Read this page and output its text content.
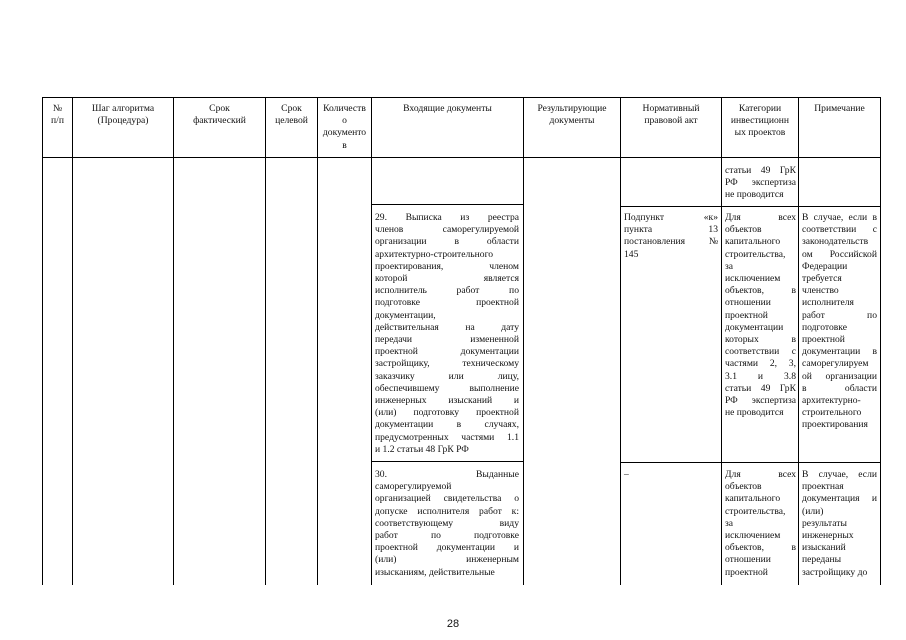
№
п/п
Шаг алгоритма
(Процедура)
Срок
фактический
Срок
целевой
Количеств
о
документо
в
Входящие документы	Результирующие
документы
Нормативный
правовой акт
Категории
инвестиционн
ых проектов
Примечание
статьи 49 ГрК
РФ экспертиза
не проводится
29. Выписка из реестра
членов саморегулируемой
организации в области
архитектурно-строительного
проектирования, членом
которой является
исполнитель работ по
подготовке проектной
документации,
действительная на дату
передачи измененной
проектной документации
застройщику, техническому
заказчику или лицу,
обеспечившему выполнение
инженерных изысканий и
(или) подготовку проектной
документации в случаях,
предусмотренных частями 1.1
и 1.2 статьи 48 ГрК РФ
Подпункт «к»
пункта 13
постановления №
145
Для всех
объектов
капитального
строительства,
за
исключением
объектов, в
отношении
проектной
документации
которых в
соответствии с
частями 2, 3,
3.1 и 3.8
статьи 49 ГрК
РФ экспертиза
не проводится
В случае, если в
соответствии с
законодательств
ом Российской
Федерации
требуется
членство
исполнителя
работ по
подготовке
проектной
документации в
саморегулируем
ой организации
в области
архитектурно-
строительного
проектирования
30. Выданные
саморегулируемой
организацией свидетельства о
допуске исполнителя работ к:
соответствующему виду
работ по подготовке
проектной документации и
(или) инженерным
изысканиям, действительные
–	Для всех
объектов
капитального
строительства,
за
исключением
объектов, в
отношении
проектной
В случае, если
проектная
документация и
(или)
результаты
инженерных
изысканий
переданы
застройщику до
28
